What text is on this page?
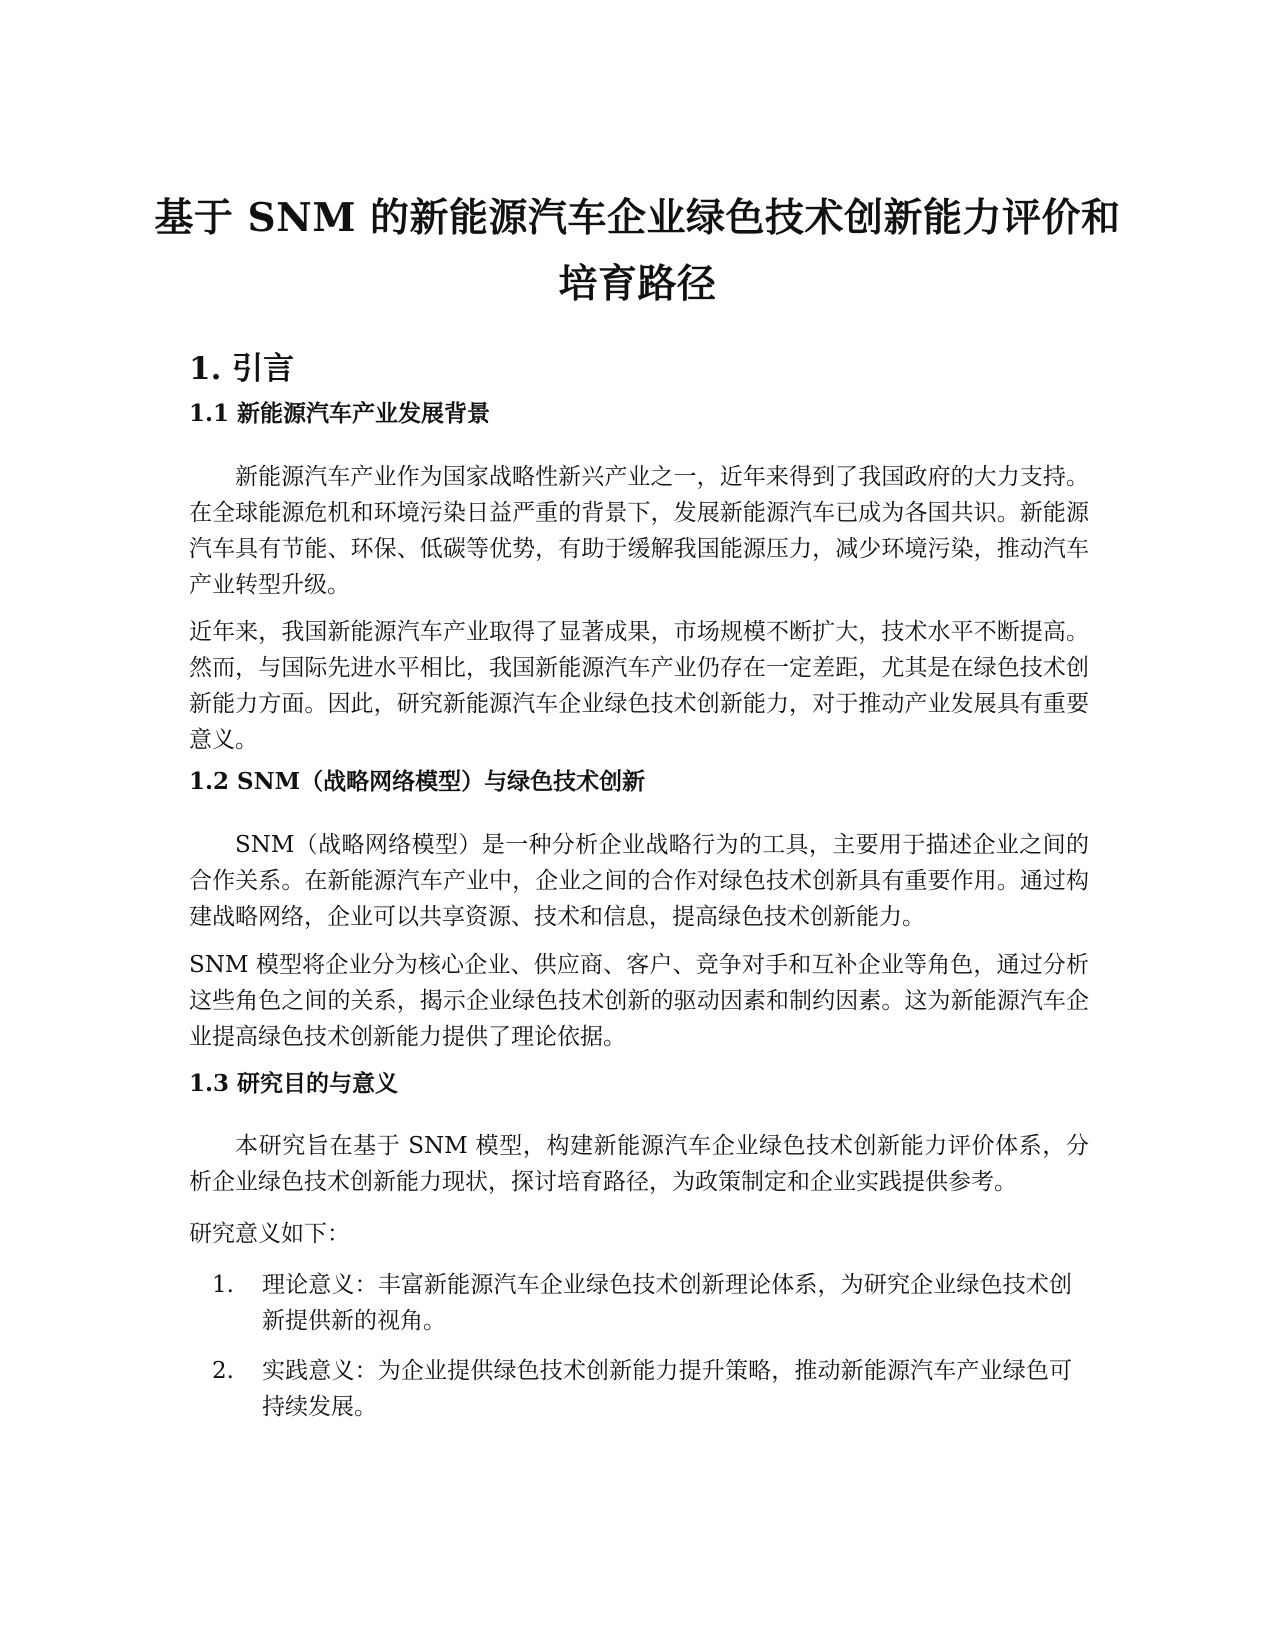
基于 SNM 的新能源汽车企业绿色技术创新能力评价和
培育路径
1. 引言
1.1 新能源汽车产业发展背景
新能源汽车产业作为国家战略性新兴产业之一，近年来得到了我国政府的大力支持。在全球能源危机和环境污染日益严重的背景下，发展新能源汽车已成为各国共识。新能源汽车具有节能、环保、低碳等优势，有助于缓解我国能源压力，减少环境污染，推动汽车产业转型升级。
近年来，我国新能源汽车产业取得了显著成果，市场规模不断扩大，技术水平不断提高。然而，与国际先进水平相比，我国新能源汽车产业仍存在一定差距，尤其是在绿色技术创新能力方面。因此，研究新能源汽车企业绿色技术创新能力，对于推动产业发展具有重要意义。
1.2 SNM（战略网络模型）与绿色技术创新
SNM（战略网络模型）是一种分析企业战略行为的工具，主要用于描述企业之间的合作关系。在新能源汽车产业中，企业之间的合作对绿色技术创新具有重要作用。通过构建战略网络，企业可以共享资源、技术和信息，提高绿色技术创新能力。
SNM 模型将企业分为核心企业、供应商、客户、竞争对手和互补企业等角色，通过分析这些角色之间的关系，揭示企业绿色技术创新的驱动因素和制约因素。这为新能源汽车企业提高绿色技术创新能力提供了理论依据。
1.3 研究目的与意义
本研究旨在基于 SNM 模型，构建新能源汽车企业绿色技术创新能力评价体系，分析企业绿色技术创新能力现状，探讨培育路径，为政策制定和企业实践提供参考。
研究意义如下：
1.	理论意义：丰富新能源汽车企业绿色技术创新理论体系，为研究企业绿色技术创新提供新的视角。
2.	实践意义：为企业提供绿色技术创新能力提升策略，推动新能源汽车产业绿色可持续发展。
